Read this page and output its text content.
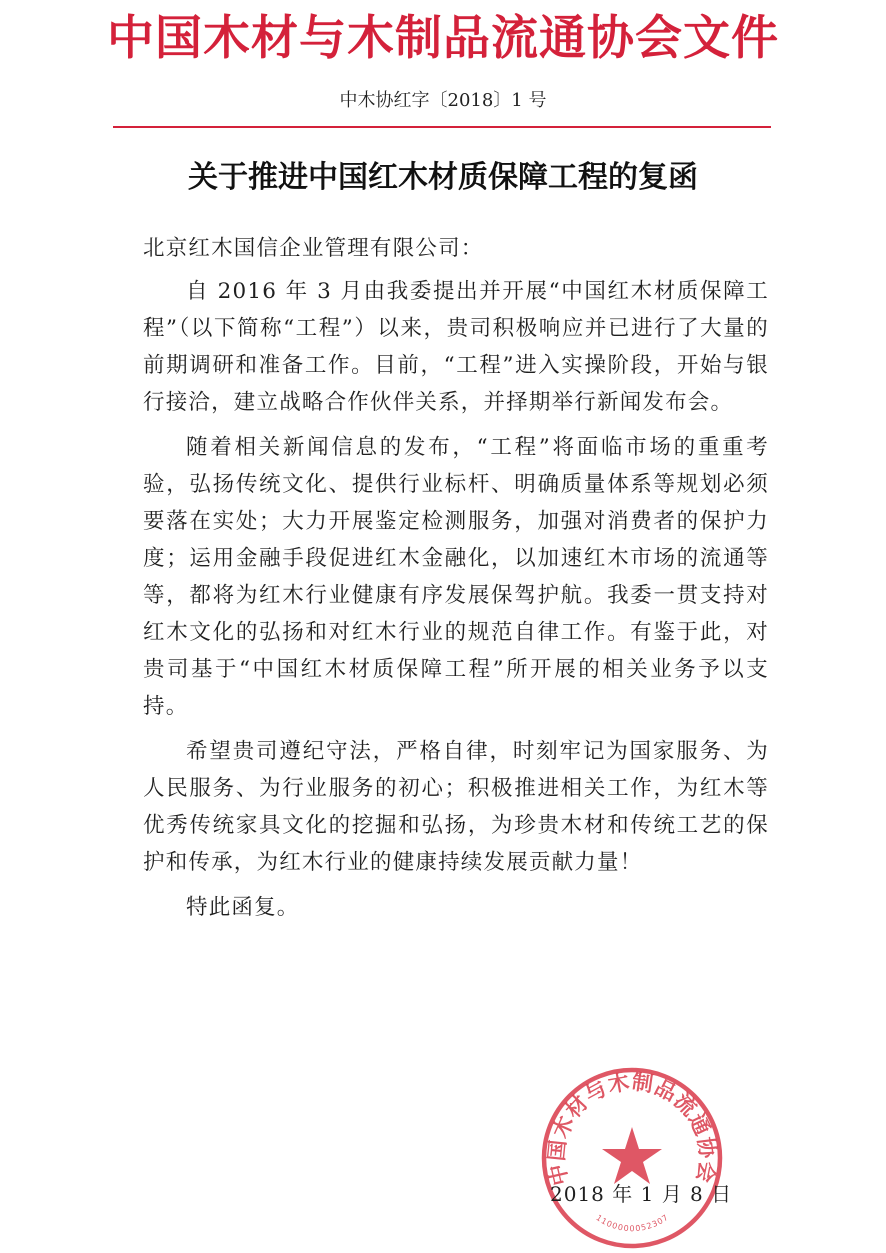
中国木材与木制品流通协会文件
中木协红字〔2018〕1 号
关于推进中国红木材质保障工程的复函

北京红木国信企业管理有限公司：

自 2016 年 3 月由我委提出并开展“中国红木材质保障工程”（以下简称“工程”）以来，贵司积极响应并已进行了大量的前期调研和准备工作。目前，“工程”进入实操阶段，开始与银行接洽，建立战略合作伙伴关系，并择期举行新闻发布会。

随着相关新闻信息的发布，“工程”将面临市场的重重考验，弘扬传统文化、提供行业标杆、明确质量体系等规划必须要落在实处；大力开展鉴定检测服务，加强对消费者的保护力度；运用金融手段促进红木金融化，以加速红木市场的流通等等，都将为红木行业健康有序发展保驾护航。我委一贯支持对红木文化的弘扬和对红木行业的规范自律工作。有鉴于此，对贵司基于“中国红木材质保障工程”所开展的相关业务予以支持。

希望贵司遵纪守法，严格自律，时刻牢记为国家服务、为人民服务、为行业服务的初心；积极推进相关工作，为红木等优秀传统家具文化的挖掘和弘扬，为珍贵木材和传统工艺的保护和传承，为红木行业的健康持续发展贡献力量！

特此函复。

中国木材与木制品流通协会
1100000052307
2018 年 1 月 8 日
